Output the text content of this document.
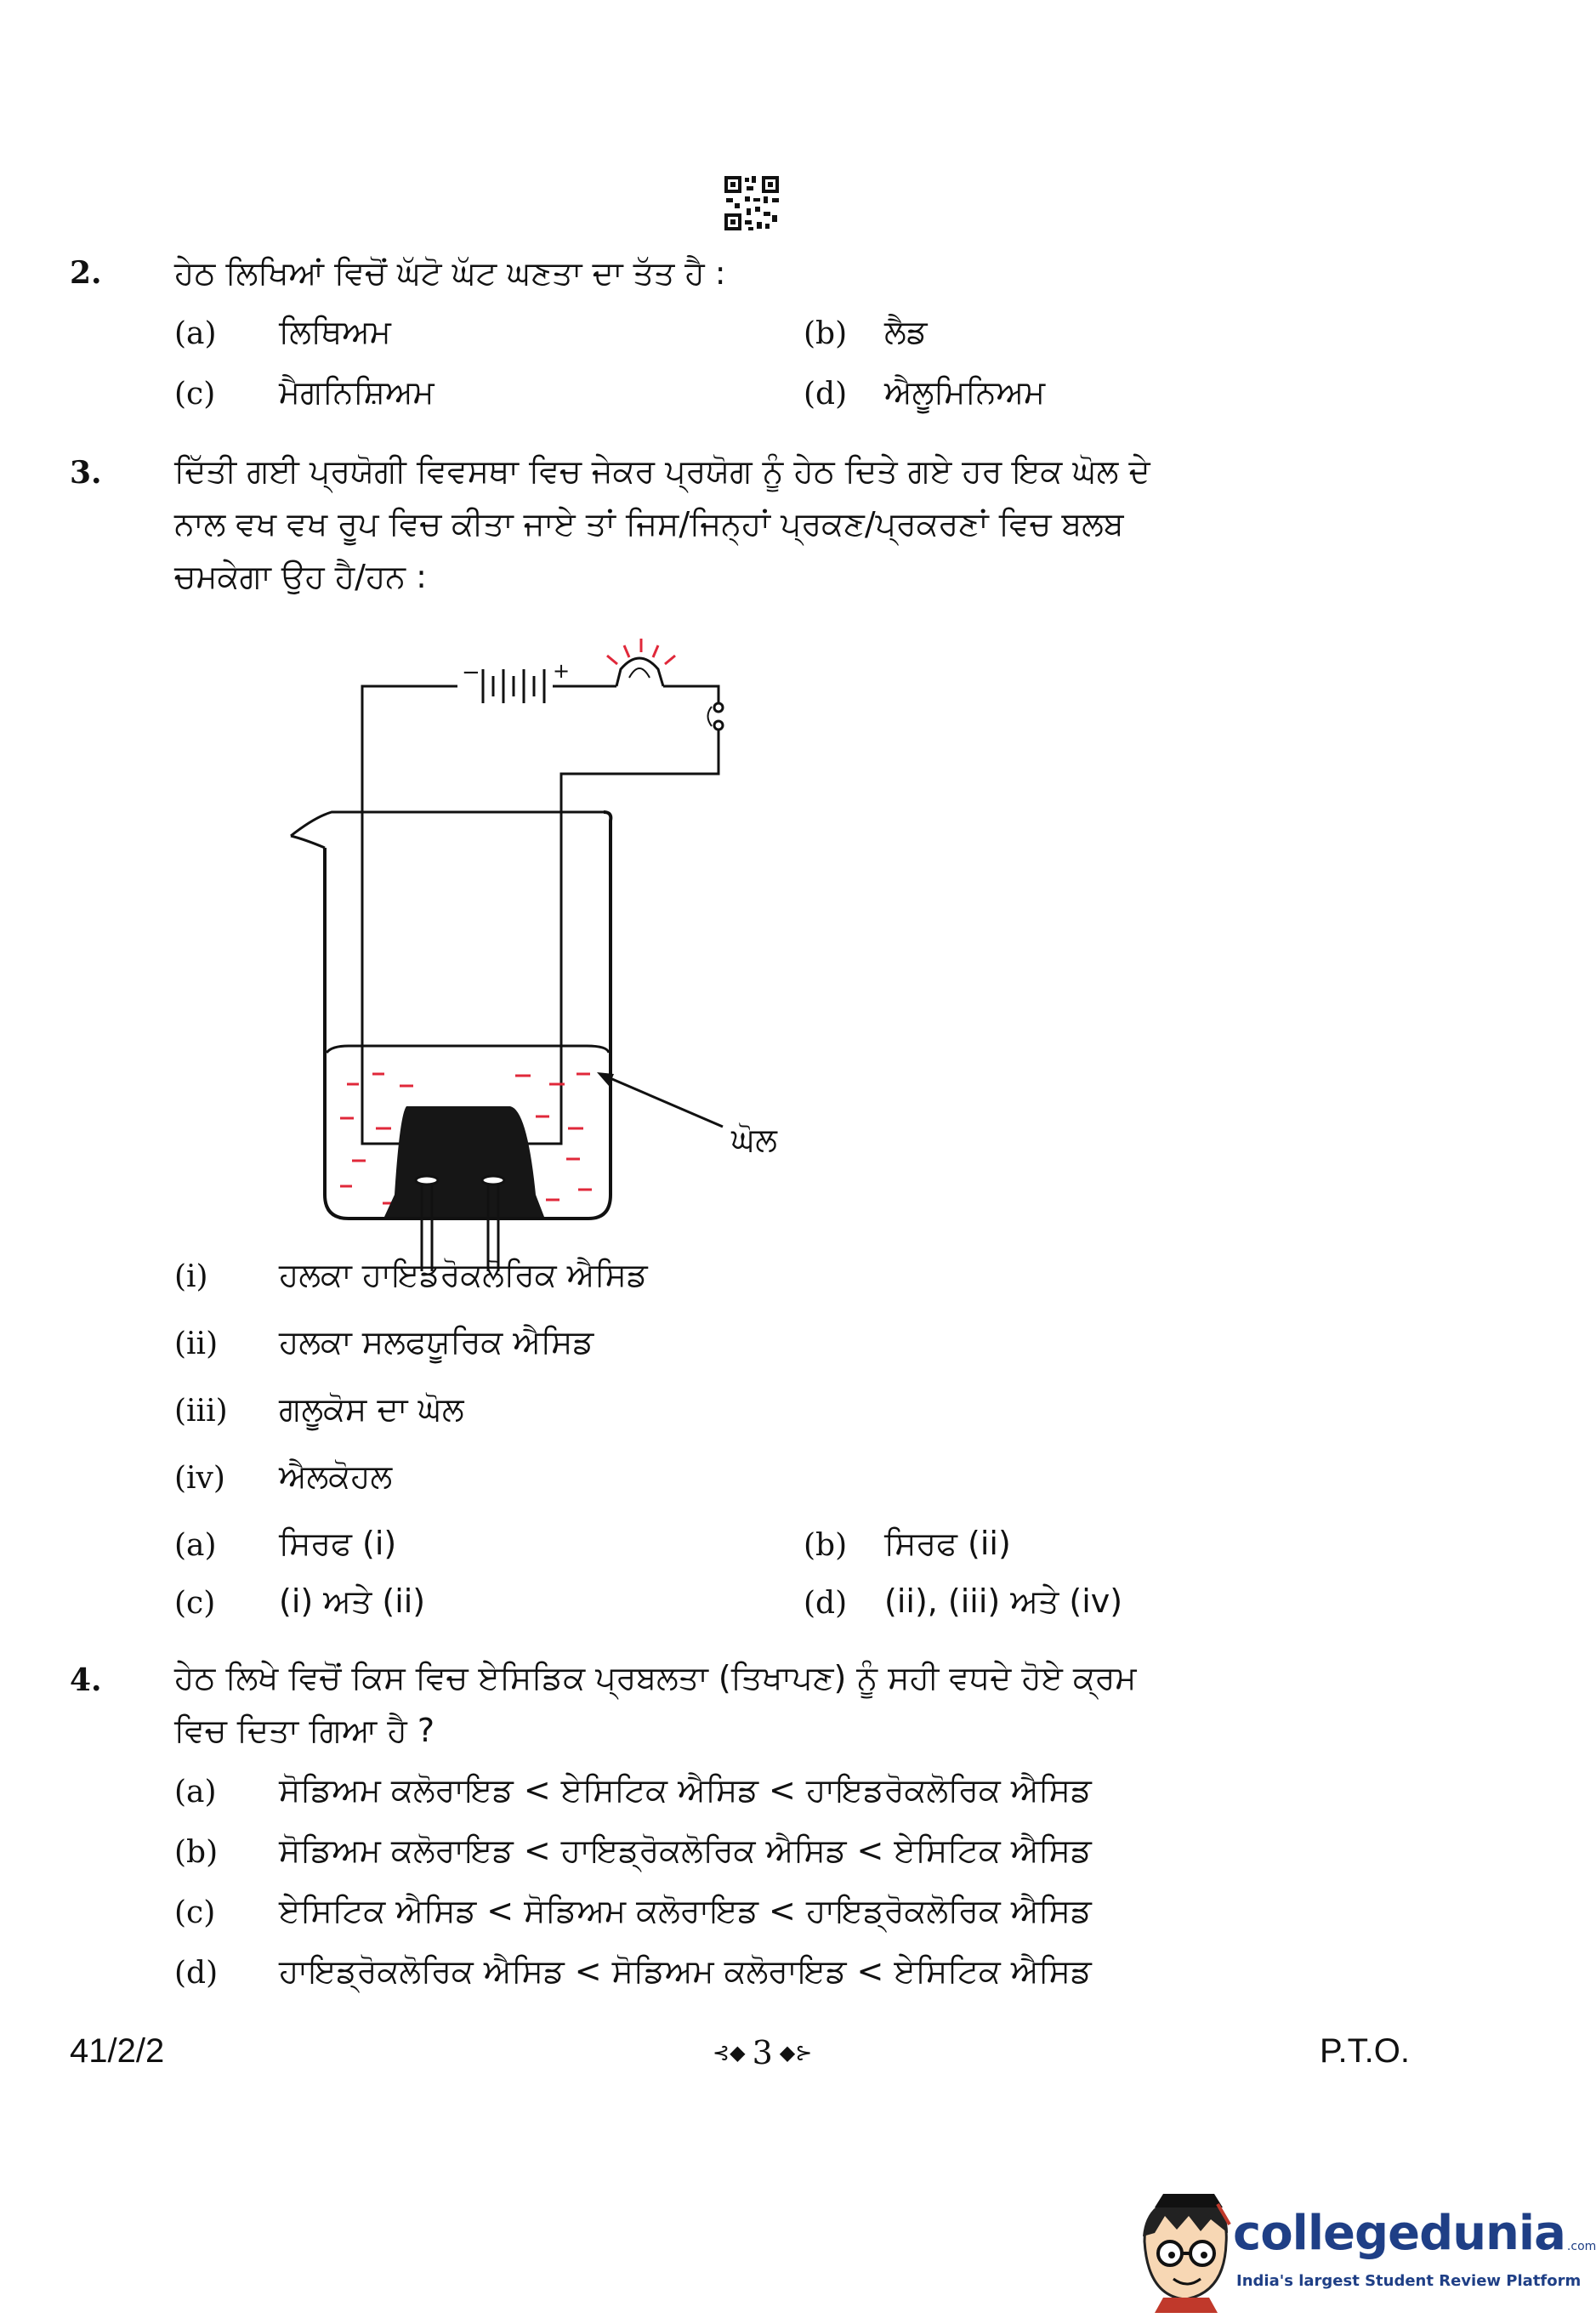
2. ਹੇਠ ਲਿਖਿਆਂ ਵਿਚੋਂ ਘੱਟੋ ਘੱਟ ਘਣਤਾ ਦਾ ਤੱਤ ਹੈ :
(a) ਲਿਥਿਅਮ	(b) ਲੈਡ
(c) ਮੈਗਨਿਸ਼ਿਅਮ	(d) ਐਲੂਮਿਨਿਅਮ
3. ਦਿੱਤੀ ਗਈ ਪ੍ਰਯੋਗੀ ਵਿਵਸਥਾ ਵਿਚ ਜੇਕਰ ਪ੍ਰਯੋਗ ਨੂੰ ਹੇਠ ਦਿਤੇ ਗਏ ਹਰ ਇਕ ਘੋਲ ਦੇ
ਨਾਲ ਵਖ ਵਖ ਰੂਪ ਵਿਚ ਕੀਤਾ ਜਾਏ ਤਾਂ ਜਿਸ/ਜਿਨ੍ਹਾਂ ਪ੍ਰਕਣ/ਪ੍ਰਕਰਣਾਂ ਵਿਚ ਬਲਬ
ਚਮਕੇਗਾ ਉਹ ਹੈ/ਹਨ :
−	+
ਘੋਲ
(i) ਹਲਕਾ ਹਾਇਡਰੋਕਲੋਰਿਕ ਐਸਿਡ
(ii) ਹਲਕਾ ਸਲਫਯੂਰਿਕ ਐਸਿਡ
(iii) ਗਲੂਕੋਸ ਦਾ ਘੋਲ
(iv) ਐਲਕੋਹਲ
(a) ਸਿਰਫ (i)	(b) ਸਿਰਫ (ii)
(c) (i) ਅਤੇ (ii)	(d) (ii), (iii) ਅਤੇ (iv)
4. ਹੇਠ ਲਿਖੇ ਵਿਚੋਂ ਕਿਸ ਵਿਚ ਏਸਿਡਿਕ ਪ੍ਰਬਲਤਾ (ਤਿਖਾਪਣ) ਨੂੰ ਸਹੀ ਵਧਦੇ ਹੋਏ ਕ੍ਰਮ
ਵਿਚ ਦਿਤਾ ਗਿਆ ਹੈ ?
(a) ਸੋਡਿਅਮ ਕਲੋਰਾਇਡ < ਏਸਿਟਿਕ ਐਸਿਡ < ਹਾਇਡਰੋਕਲੋਰਿਕ ਐਸਿਡ
(b) ਸੋਡਿਅਮ ਕਲੋਰਾਇਡ < ਹਾਇਡ੍ਰੋਕਲੋਰਿਕ ਐਸਿਡ < ਏਸਿਟਿਕ ਐਸਿਡ
(c) ਏਸਿਟਿਕ ਐਸਿਡ < ਸੋਡਿਅਮ ਕਲੋਰਾਇਡ < ਹਾਇਡ੍ਰੋਕਲੋਰਿਕ ਐਸਿਡ
(d) ਹਾਇਡ੍ਰੋਕਲੋਰਿਕ ਐਸਿਡ < ਸੋਡਿਅਮ ਕਲੋਰਾਇਡ < ਏਸਿਟਿਕ ਐਸਿਡ
41/2/2	⊰◆ 3 ◆⊱	P.T.O.
collegedunia .com
India's largest Student Review Platform
